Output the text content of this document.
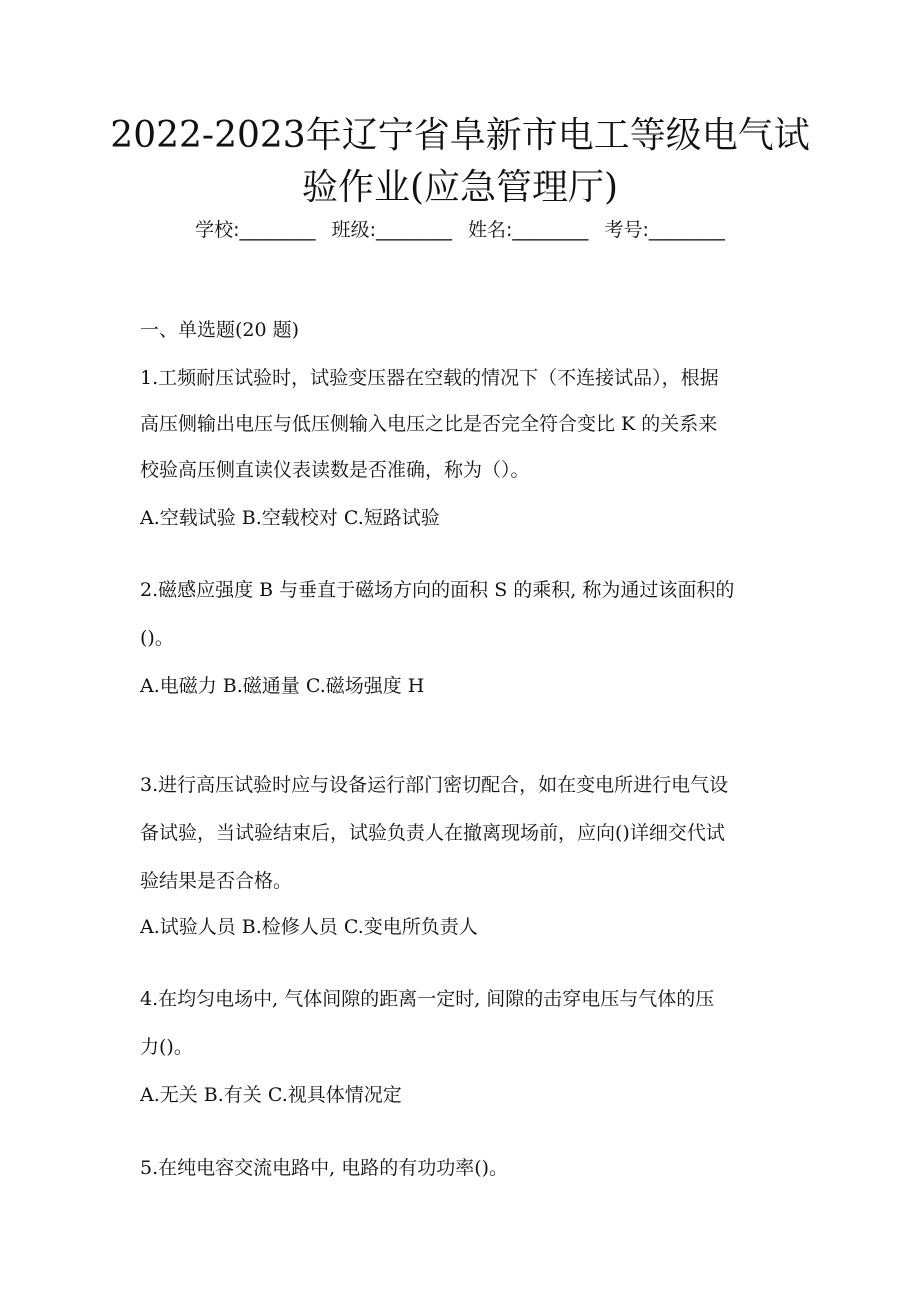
2022-2023年辽宁省阜新市电工等级电气试
验作业(应急管理厅)
学校:________ 班级:________ 姓名:________ 考号:________
一、单选题(20 题)
1.工频耐压试验时，试验变压器在空载的情况下（不连接试品），根据
高压侧输出电压与低压侧输入电压之比是否完全符合变比 K 的关系来
校验高压侧直读仪表读数是否准确，称为（）。
A.空载试验 B.空载校对 C.短路试验
2.磁感应强度 B 与垂直于磁场方向的面积 S 的乘积, 称为通过该面积的
()。
A.电磁力 B.磁通量 C.磁场强度 H
3.进行高压试验时应与设备运行部门密切配合，如在变电所进行电气设
备试验，当试验结束后，试验负责人在撤离现场前，应向()详细交代试
验结果是否合格。
A.试验人员 B.检修人员 C.变电所负责人
4.在均匀电场中, 气体间隙的距离一定时, 间隙的击穿电压与气体的压
力()。
A.无关 B.有关 C.视具体情况定
5.在纯电容交流电路中, 电路的有功功率()。
